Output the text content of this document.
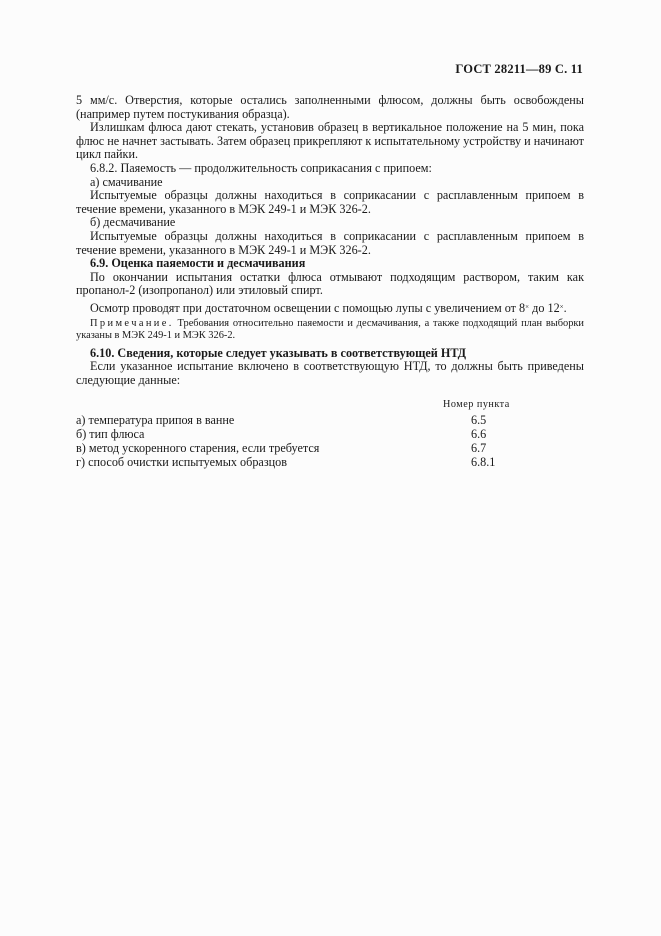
ГОСТ 28211—89 С. 11

5 мм/с. Отверстия, которые остались заполненными флюсом, должны быть освобождены (например путем постукивания образца).

Излишкам флюса дают стекать, установив образец в вертикальное положение на 5 мин, пока флюс не начнет застывать. Затем образец прикрепляют к испытательному устройству и начинают цикл пайки.

6.8.2. Паяемость — продолжительность соприкасания с припоем:

а) смачивание

Испытуемые образцы должны находиться в соприкасании с расплавленным припоем в течение времени, указанного в МЭК 249-1 и МЭК 326-2.

б) десмачивание

Испытуемые образцы должны находиться в соприкасании с расплавленным припоем в течение времени, указанного в МЭК 249-1 и МЭК 326-2.

6.9. Оценка паяемости и десмачивания

По окончании испытания остатки флюса отмывают подходящим раствором, таким как пропанол-2 (изопропанол) или этиловый спирт.

Осмотр проводят при достаточном освещении с помощью лупы с увеличением от 8× до 12×.

Примечание. Требования относительно паяемости и десмачивания, а также подходящий план выборки указаны в МЭК 249-1 и МЭК 326-2.

6.10. Сведения, которые следует указывать в соответствующей НТД

Если указанное испытание включено в соответствующую НТД, то должны быть приведены следующие данные:

Номер пункта
а) температура припоя в ванне	6.5
б) тип флюса	6.6
в) метод ускоренного старения, если требуется	6.7
г) способ очистки испытуемых образцов	6.8.1
